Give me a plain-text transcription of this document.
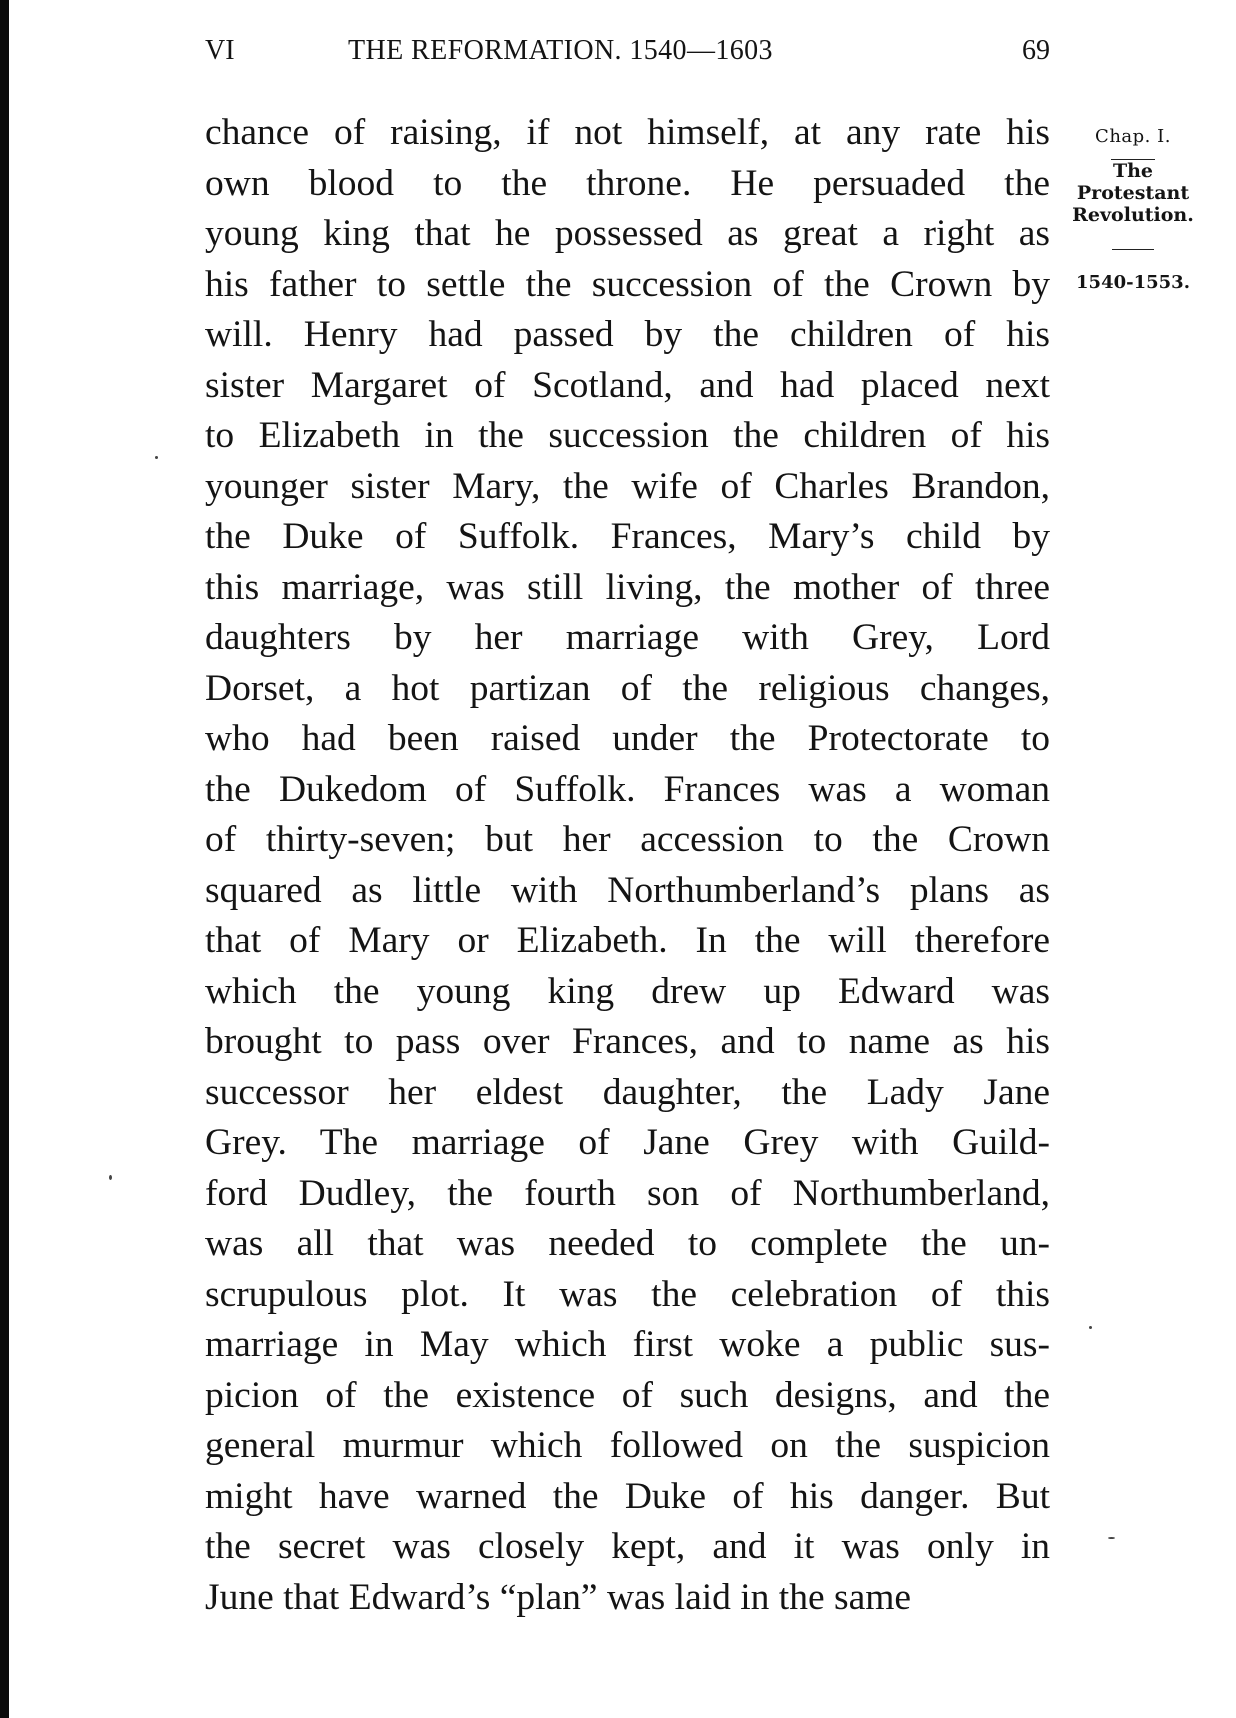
VI	THE REFORMATION. 1540—1603	69
chance of raising, if not himself, at any rate his
own blood to the throne. He persuaded the
young king that he possessed as great a right as
his father to settle the succession of the Crown by
will. Henry had passed by the children of his
sister Margaret of Scotland, and had placed next
to Elizabeth in the succession the children of his
younger sister Mary, the wife of Charles Brandon,
the Duke of Suffolk. Frances, Mary’s child by
this marriage, was still living, the mother of three
daughters by her marriage with Grey, Lord
Dorset, a hot partizan of the religious changes,
who had been raised under the Protectorate to
the Dukedom of Suffolk. Frances was a woman
of thirty-seven; but her accession to the Crown
squared as little with Northumberland’s plans as
that of Mary or Elizabeth. In the will therefore
which the young king drew up Edward was
brought to pass over Frances, and to name as his
successor her eldest daughter, the Lady Jane
Grey. The marriage of Jane Grey with Guild-
ford Dudley, the fourth son of Northumberland,
was all that was needed to complete the un-
scrupulous plot. It was the celebration of this
marriage in May which first woke a public sus-
picion of the existence of such designs, and the
general murmur which followed on the suspicion
might have warned the Duke of his danger. But
the secret was closely kept, and it was only in
June that Edward’s “plan” was laid in the same
Chap. I.
The
Protestant
Revolution.
1540-1553.
